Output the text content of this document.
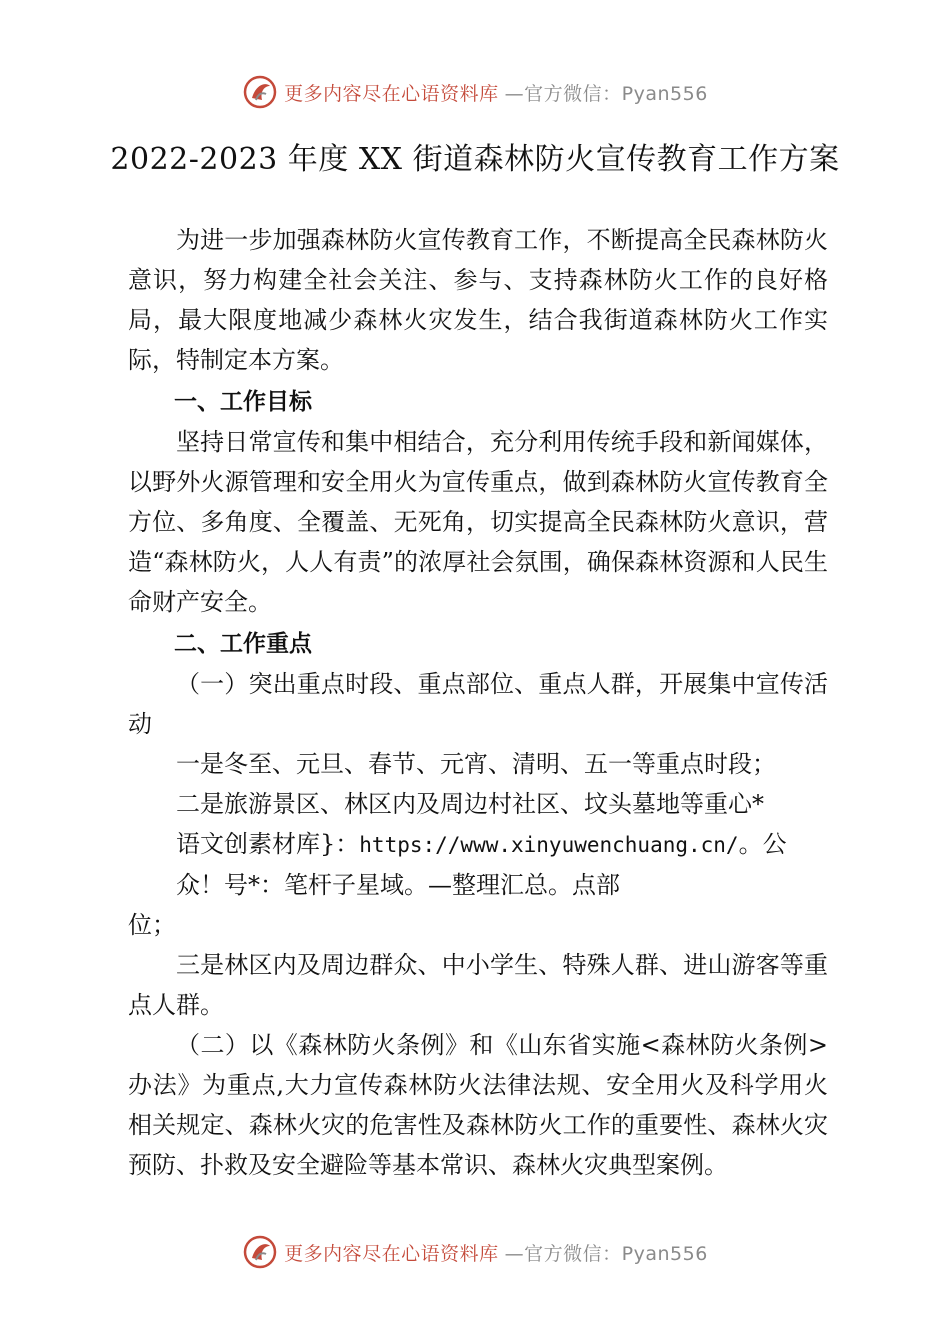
更多内容尽在心语资料库 —官方微信：Pyan556
2022-2023 年度 XX 街道森林防火宣传教育工作方案

为进一步加强森林防火宣传教育工作，不断提高全民森林防火意识，努力构建全社会关注、参与、支持森林防火工作的良好格局，最大限度地减少森林火灾发生，结合我街道森林防火工作实际，特制定本方案。

一、工作目标

坚持日常宣传和集中相结合，充分利用传统手段和新闻媒体，以野外火源管理和安全用火为宣传重点，做到森林防火宣传教育全方位、多角度、全覆盖、无死角，切实提高全民森林防火意识，营造“森林防火，人人有责”的浓厚社会氛围，确保森林资源和人民生命财产安全。

二、工作重点

（一）突出重点时段、重点部位、重点人群，开展集中宣传活动

一是冬至、元旦、春节、元宵、清明、五一等重点时段；

二是旅游景区、林区内及周边村社区、坟头墓地等重心*

语文创素材库}：https://www.xinyuwenchuang.cn/。公

众！号*：笔杆子星域。—整理汇总。点部

位；

三是林区内及周边群众、中小学生、特殊人群、进山游客等重点人群。

（二）以《森林防火条例》和《山东省实施<森林防火条例> 办法》为重点,大力宣传森林防火法律法规、安全用火及科学用火相关规定、森林火灾的危害性及森林防火工作的重要性、森林火灾预防、扑救及安全避险等基本常识、森林火灾典型案例。

更多内容尽在心语资料库 —官方微信：Pyan556
